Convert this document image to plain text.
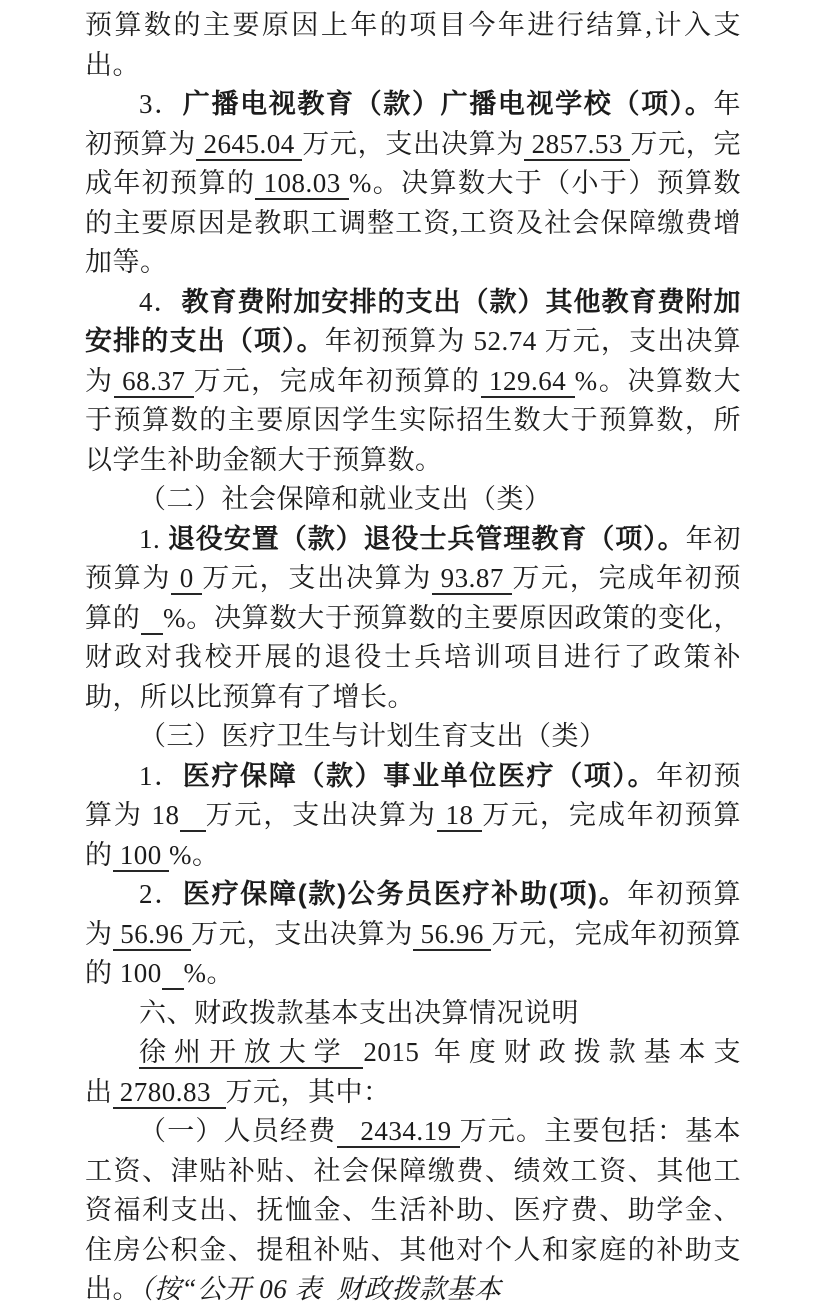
预算数的主要原因上年的项目今年进行结算,计入支出。

3．广播电视教育（款）广播电视学校（项）。年初预算为 2645.04 万元，支出决算为 2857.53 万元，完成年初预算的 108.03 %。决算数大于（小于）预算数的主要原因是教职工调整工资,工资及社会保障缴费增加等。

4．教育费附加安排的支出（款）其他教育费附加安排的支出（项）。年初预算为 52.74 万元，支出决算为 68.37 万元，完成年初预算的 129.64 %。决算数大于预算数的主要原因学生实际招生数大于预算数，所以学生补助金额大于预算数。

（二）社会保障和就业支出（类）

1. 退役安置（款）退役士兵管理教育（项）。年初预算为 0 万元，支出决算为 93.87 万元，完成年初预算的 %。决算数大于预算数的主要原因政策的变化，财政对我校开展的退役士兵培训项目进行了政策补助，所以比预算有了增长。

（三）医疗卫生与计划生育支出（类）

1．医疗保障（款）事业单位医疗（项）。年初预算为 18 万元，支出决算为 18 万元，完成年初预算的 100 %。

2．医疗保障(款)公务员医疗补助(项)。年初预算为 56.96 万元，支出决算为 56.96 万元，完成年初预算的 100 %。

六、财政拨款基本支出决算情况说明

徐州开放大学 2015 年度财政拨款基本支出 2780.83  万元，其中：

（一）人员经费   2434.19 万元。主要包括：基本工资、津贴补贴、社会保障缴费、绩效工资、其他工资福利支出、抚恤金、生活补助、医疗费、助学金、住房公积金、提租补贴、其他对个人和家庭的补助支出。（按“公开 06 表  财政拨款基本
